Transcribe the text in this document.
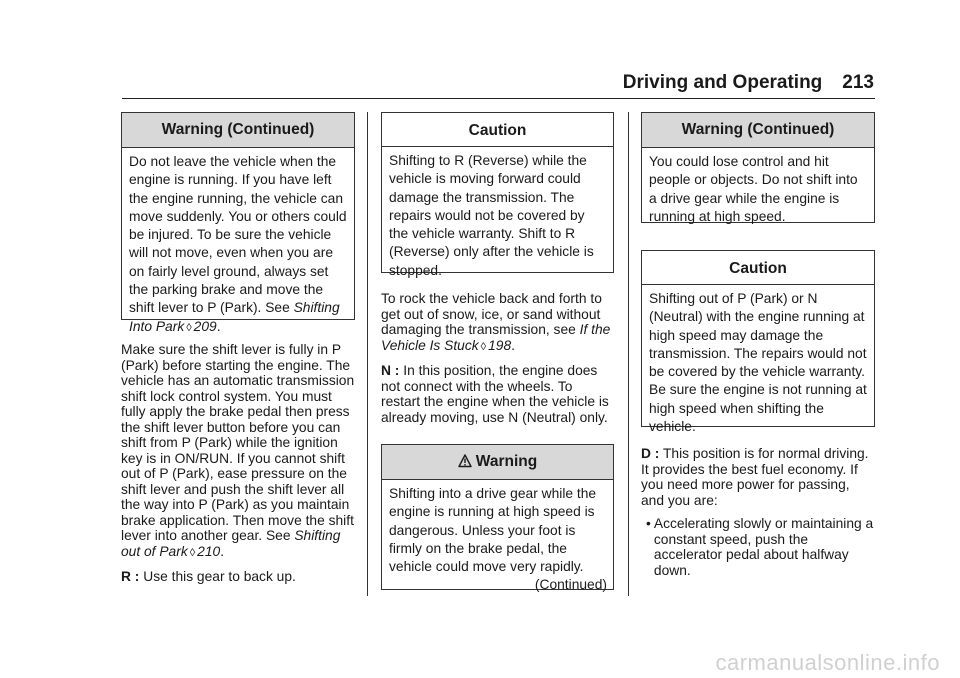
Driving and Operating 213
Warning (Continued)
Do not leave the vehicle when the engine is running. If you have left the engine running, the vehicle can move suddenly. You or others could be injured. To be sure the vehicle will not move, even when you are on fairly level ground, always set the parking brake and move the shift lever to P (Park). See Shifting Into Park ◊ 209.

Make sure the shift lever is fully in P (Park) before starting the engine. The vehicle has an automatic transmission shift lock control system. You must fully apply the brake pedal then press the shift lever button before you can shift from P (Park) while the ignition key is in ON/RUN. If you cannot shift out of P (Park), ease pressure on the shift lever and push the shift lever all the way into P (Park) as you maintain brake application. Then move the shift lever into another gear. See Shifting out of Park ◊ 210.

R : Use this gear to back up.

Caution
Shifting to R (Reverse) while the vehicle is moving forward could damage the transmission. The repairs would not be covered by the vehicle warranty. Shift to R (Reverse) only after the vehicle is stopped.

To rock the vehicle back and forth to get out of snow, ice, or sand without damaging the transmission, see If the Vehicle Is Stuck ◊ 198.

N : In this position, the engine does not connect with the wheels. To restart the engine when the vehicle is already moving, use N (Neutral) only.

Warning
Shifting into a drive gear while the engine is running at high speed is dangerous. Unless your foot is firmly on the brake pedal, the vehicle could move very rapidly.
(Continued)
Warning (Continued)
You could lose control and hit people or objects. Do not shift into a drive gear while the engine is running at high speed.
Caution
Shifting out of P (Park) or N (Neutral) with the engine running at high speed may damage the transmission. The repairs would not be covered by the vehicle warranty. Be sure the engine is not running at high speed when shifting the vehicle.

D : This position is for normal driving. It provides the best fuel economy. If you need more power for passing, and you are:

• Accelerating slowly or maintaining a constant speed, push the accelerator pedal about halfway down.
carmanualsonline.info
